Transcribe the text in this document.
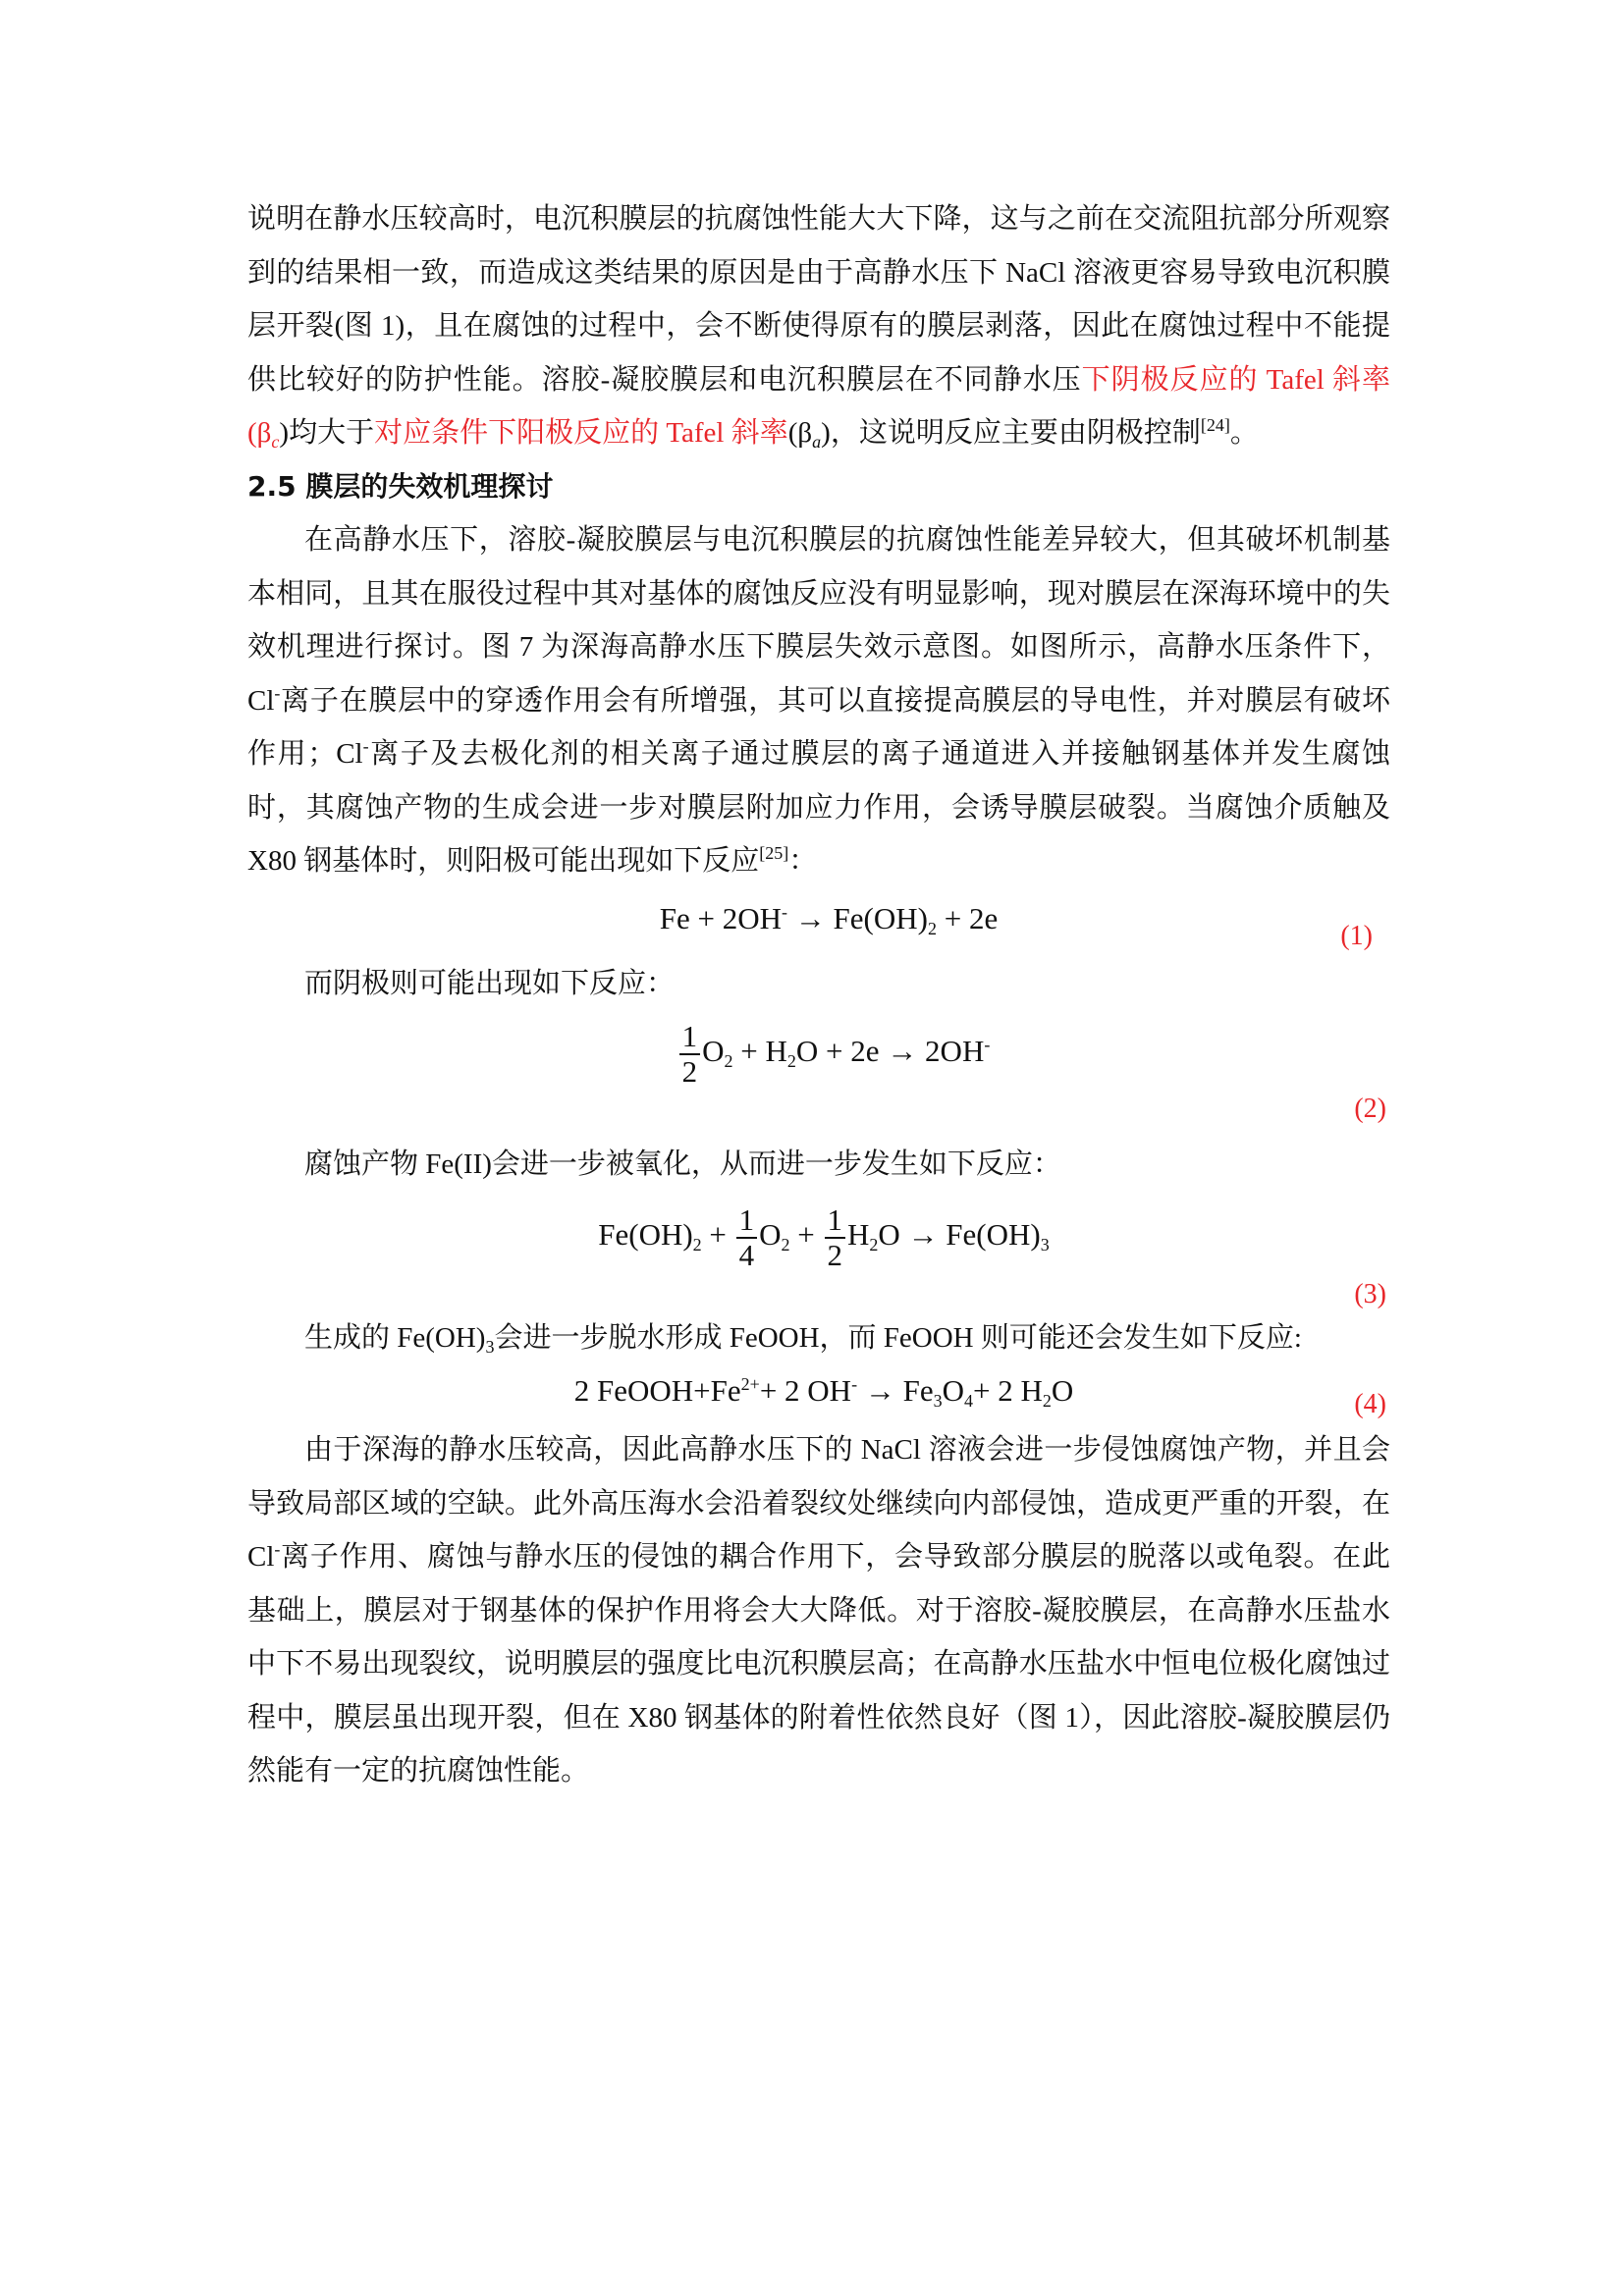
说明在静水压较高时，电沉积膜层的抗腐蚀性能大大下降，这与之前在交流阻抗部分所观察到的结果相一致，而造成这类结果的原因是由于高静水压下 NaCl 溶液更容易导致电沉积膜层开裂(图 1)，且在腐蚀的过程中，会不断使得原有的膜层剥落，因此在腐蚀过程中不能提供比较好的防护性能。溶胶-凝胶膜层和电沉积膜层在不同静水压下阴极反应的 Tafel 斜率$(\beta_c)$均大于对应条件下阳极反应的 Tafel 斜率$(\beta_a)$，这说明反应主要由阴极控制[24]。

2.5 膜层的失效机理探讨

在高静水压下，溶胶-凝胶膜层与电沉积膜层的抗腐蚀性能差异较大，但其破坏机制基本相同，且其在服役过程中其对基体的腐蚀反应没有明显影响，现对膜层在深海环境中的失效机理进行探讨。图 7 为深海高静水压下膜层失效示意图。如图所示，高静水压条件下，Cl-离子在膜层中的穿透作用会有所增强，其可以直接提高膜层的导电性，并对膜层有破坏作用；Cl-离子及去极化剂的相关离子通过膜层的离子通道进入并接触钢基体并发生腐蚀时，其腐蚀产物的生成会进一步对膜层附加应力作用，会诱导膜层破裂。当腐蚀介质触及 X80 钢基体时，则阳极可能出现如下反应[25]：

$Fe + 2OH^- \to Fe(OH)_2 + 2e$
(1)

而阴极则可能出现如下反应：

$\frac{1}{2} O_2 + H_2O + 2e \to 2OH^-$
(2)

腐蚀产物 Fe(II)会进一步被氧化，从而进一步发生如下反应：

$Fe(OH)_2 + \frac{1}{4} O_2 + \frac{1}{2} H_2O \to Fe(OH)_3$
(3)

生成的 $Fe(OH)_3$会进一步脱水形成 FeOOH，而 FeOOH 则可能还会发生如下反应:

2 $FeOOH+Fe^{2+}+ 2$ $OH^- \to Fe_3O_4+ 2$ $H_2O$	(4)

由于深海的静水压较高，因此高静水压下的 NaCl 溶液会进一步侵蚀腐蚀产物，并且会导致局部区域的空缺。此外高压海水会沿着裂纹处继续向内部侵蚀，造成更严重的开裂，在 Cl-离子作用、腐蚀与静水压的侵蚀的耦合作用下，会导致部分膜层的脱落以或龟裂。在此基础上，膜层对于钢基体的保护作用将会大大降低。对于溶胶-凝胶膜层，在高静水压盐水中下不易出现裂纹，说明膜层的强度比电沉积膜层高；在高静水压盐水中恒电位极化腐蚀过程中，膜层虽出现开裂，但在 X80 钢基体的附着性依然良好（图 1），因此溶胶-凝胶膜层仍然能有一定的抗腐蚀性能。
